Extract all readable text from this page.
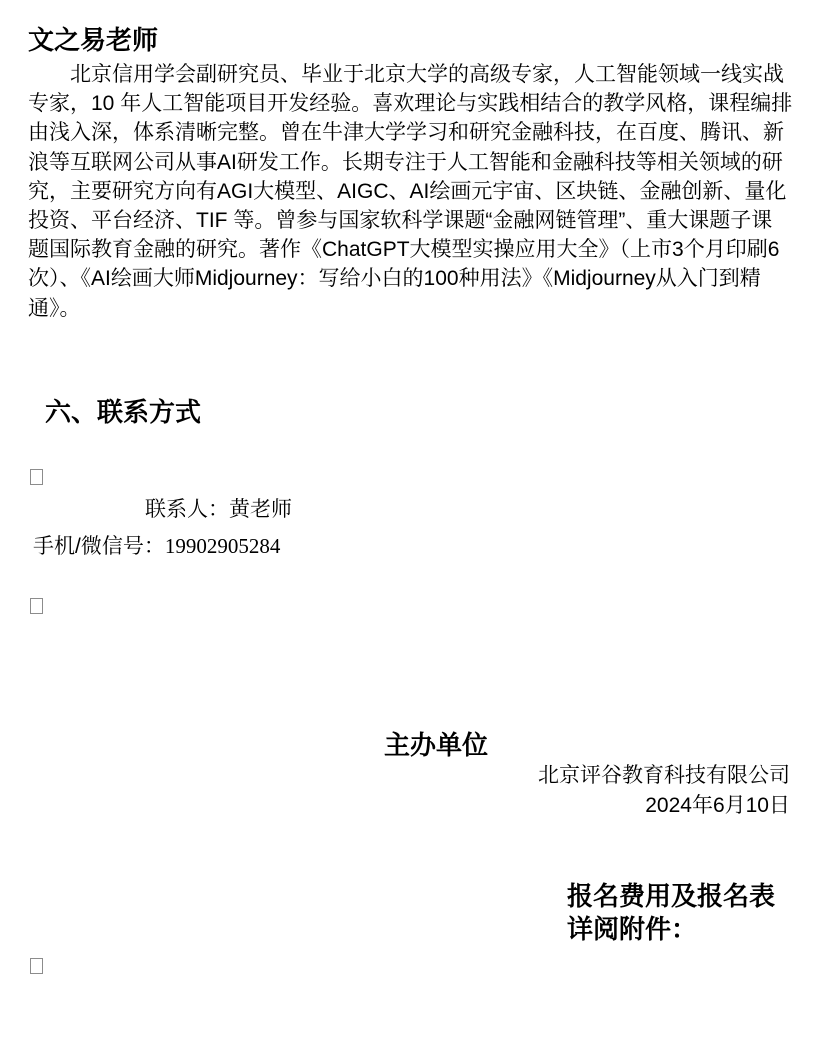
文之易老师

北京信用学会副研究员、毕业于北京大学的高级专家，人工智能领域一线实战专家，10 年人工智能项目开发经验。喜欢理论与实践相结合的教学风格，课程编排由浅入深，体系清晰完整。曾在牛津大学学习和研究金融科技，在百度、腾讯、新浪等互联网公司从事AI研发工作。长期专注于人工智能和金融科技等相关领域的研究，主要研究方向有AGI大模型、AIGC、AI绘画元宇宙、区块链、金融创新、量化投资、平台经济、TIF 等。曾参与国家软科学课题“金融网链管理”、重大课题子课题国际教育金融的研究。著作《ChatGPT大模型实操应用大全》（上市3个月印刷6次）、《AI绘画大师Midjourney：写给小白的100种用法》《Midjourney从入门到精通》。

六、联系方式
联系人：黄老师
手机/微信号：19902905284
主办单位
北京评谷教育科技有限公司
2024年6月10日
报名费用及报名表
详阅附件：
